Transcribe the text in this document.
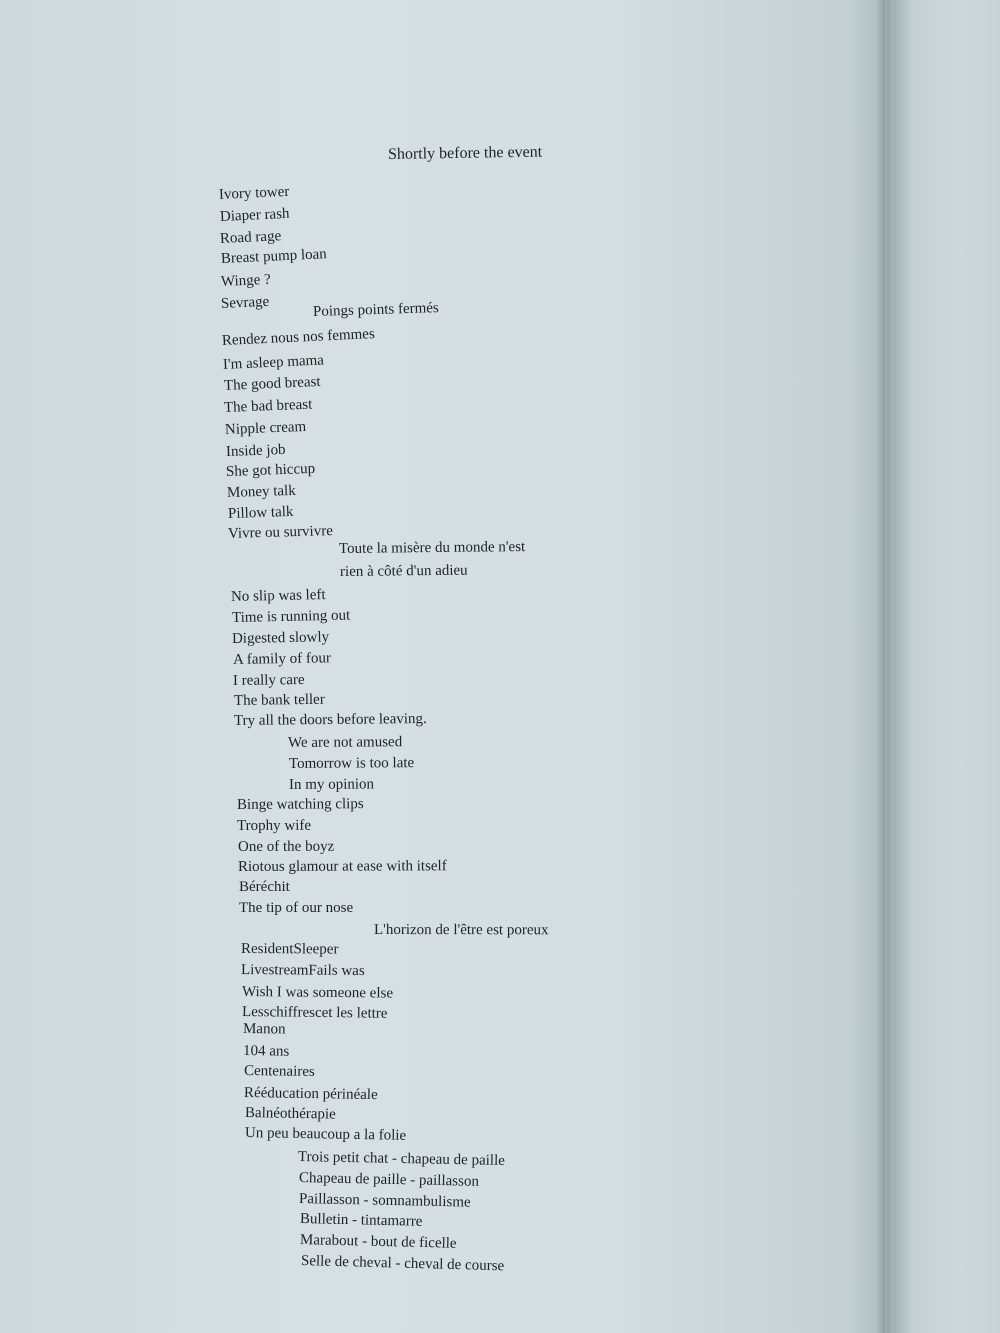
Shortly before the event
Ivory tower
Diaper rash
Road rage
Breast pump loan
Winge ?
Sevrage	Poings points fermés
Rendez nous nos femmes
I'm asleep mama
The good breast
The bad breast
Nipple cream
Inside job
She got hiccup
Money talk
Pillow talk
Vivre ou survivre
Toute la misère du monde n'est
rien à côté d'un adieu
No slip was left
Time is running out
Digested slowly
A family of four
I really care
The bank teller
Try all the doors before leaving.
We are not amused
Tomorrow is too late
In my opinion
Binge watching clips
Trophy wife
One of the boyz
Riotous glamour at ease with itself
Béréchit
The tip of our nose
L'horizon de l'être est poreux
ResidentSleeper
LivestreamFails was
Wish I was someone else
Lesschiffrescet les lettre
Manon
104 ans
Centenaires
Rééducation périnéale
Balnéothérapie
Un peu beaucoup a la folie
Trois petit chat - chapeau de paille
Chapeau de paille - paillasson
Paillasson - somnambulisme
Bulletin - tintamarre
Marabout - bout de ficelle
Selle de cheval - cheval de course
